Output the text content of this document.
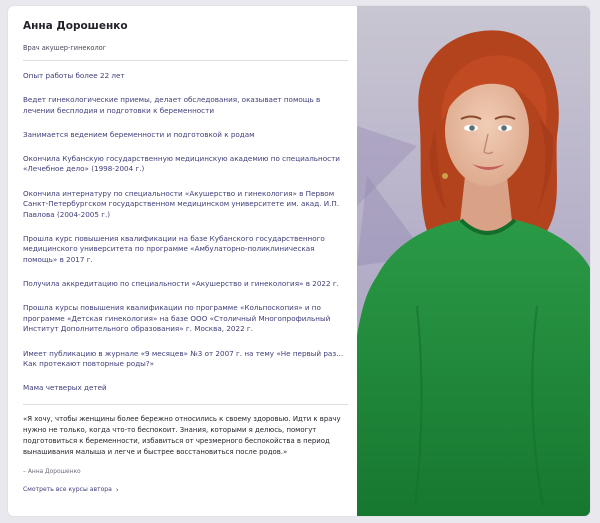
Анна Дорошенко
Врач акушер-гинеколог
Опыт работы более 22 лет
Ведет гинекологические приемы, делает обследования, оказывает помощь в лечении бесплодия и подготовки к беременности
Занимается ведением беременности и подготовкой к родам
Окончила Кубанскую государственную медицинскую академию по специальности «Лечебное дело» (1998-2004 г.)
Окончила интернатуру по специальности «Акушерство и гинекология» в Первом Санкт-Петербургском государственном медицинском университете им. акад. И.П. Павлова (2004-2005 г.)
Прошла курс повышения квалификации на базе Кубанского государственного медицинского университета по программе «Амбулаторно-поликлиническая помощь» в 2017 г.
Получила аккредитацию по специальности «Акушерство и гинекология» в 2022 г.
Прошла курсы повышения квалификации по программе «Кольпоскопия» и по программе «Детская гинекология» на базе ООО «Столичный Многопрофильный Институт Дополнительного образования» г. Москва, 2022 г.
Имеет публикацию в журнале «9 месяцев» №3 от 2007 г. на тему «Не первый раз… Как протекают повторные роды?»
Мама четверых детей

«Я хочу, чтобы женщины более бережно относились к своему здоровью. Идти к врачу нужно не только, когда что-то беспокоит. Знания, которыми я делюсь, помогут подготовиться к беременности, избавиться от чрезмерного беспокойства в период вынашивания малыша и легче и быстрее восстановиться после родов.»

– Анна Дорошенко
Смотреть все курсы автора ›
